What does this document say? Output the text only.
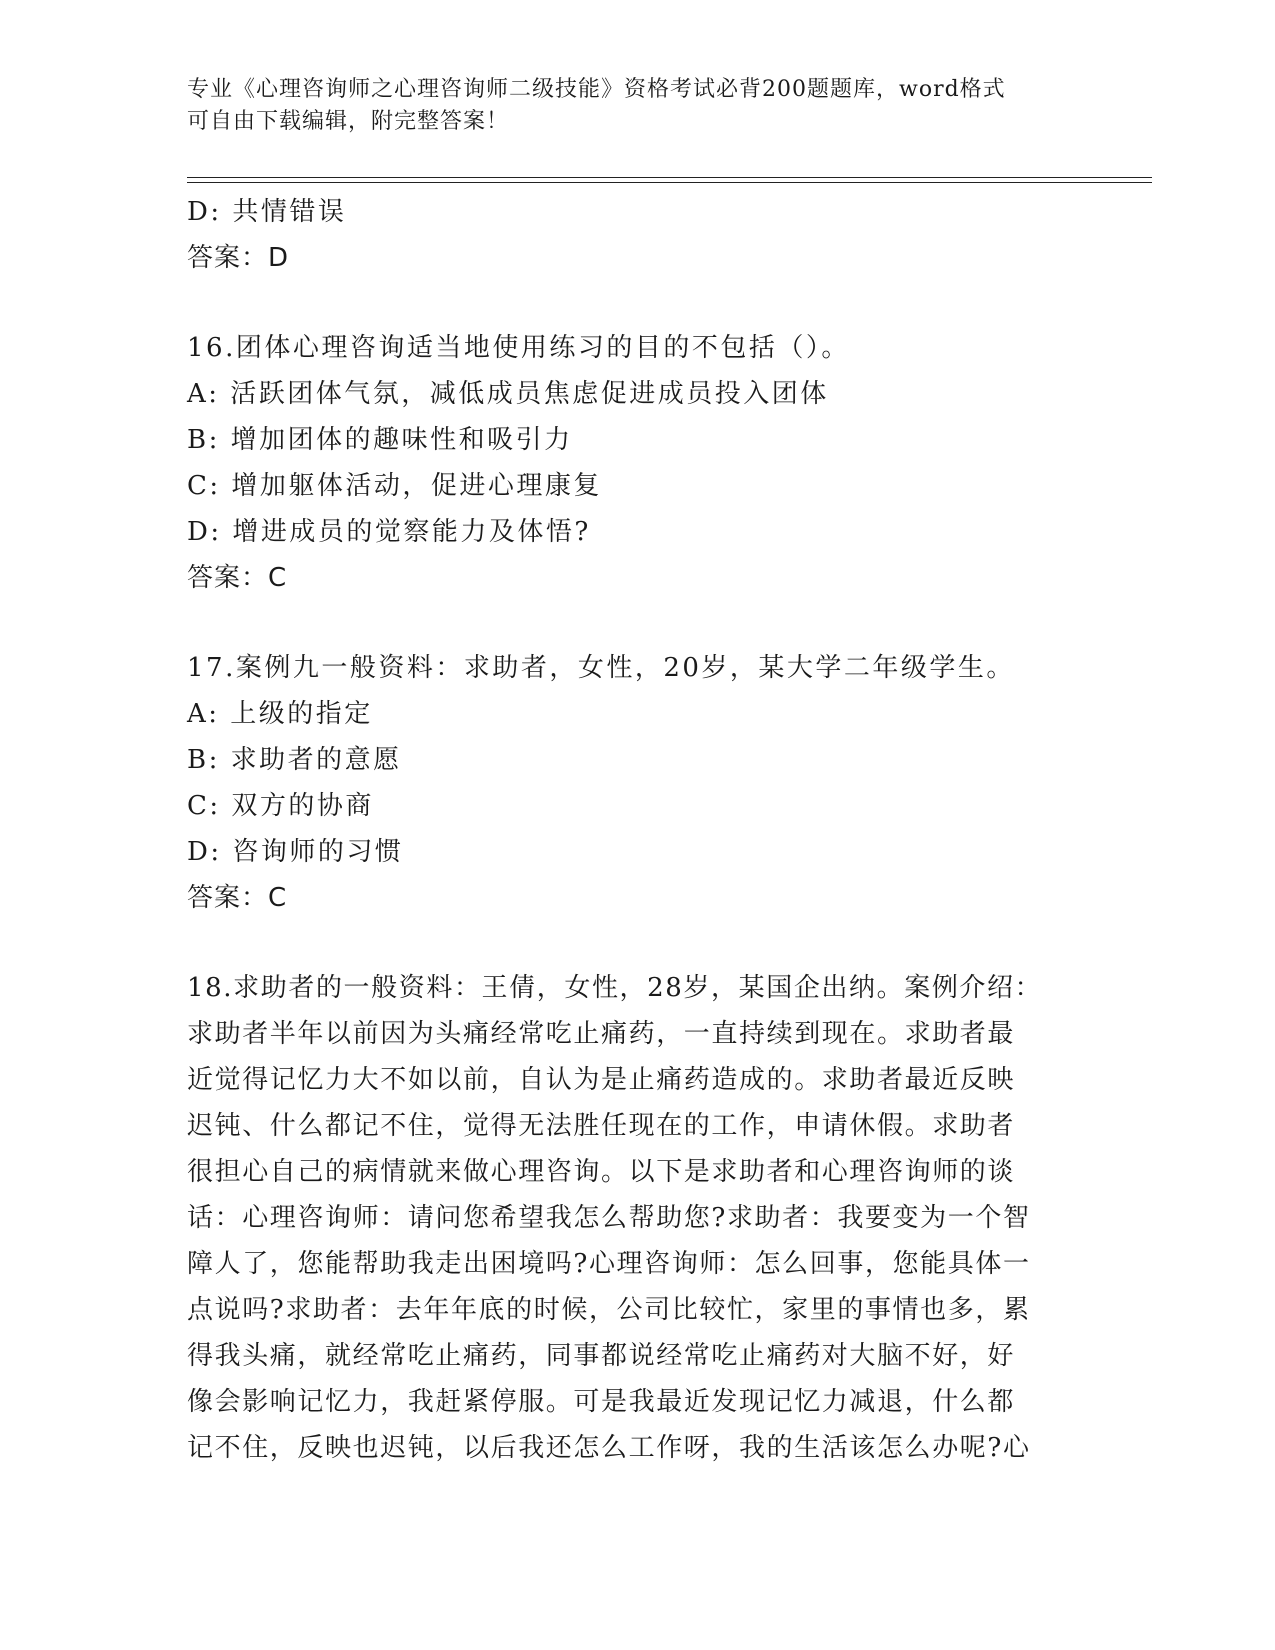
专业《心理咨询师之心理咨询师二级技能》资格考试必背200题题库，word格式
可自由下载编辑，附完整答案！
D: 共情错误
答案：D
16.团体心理咨询适当地使用练习的目的不包括（）。
A: 活跃团体气氛，减低成员焦虑促进成员投入团体
B: 增加团体的趣味性和吸引力
C: 增加躯体活动，促进心理康复
D: 增进成员的觉察能力及体悟?
答案：C
17.案例九一般资料：求助者，女性，20岁，某大学二年级学生。
A: 上级的指定
B: 求助者的意愿
C: 双方的协商
D: 咨询师的习惯
答案：C
18.求助者的一般资料：王倩，女性，28岁，某国企出纳。案例介绍：
求助者半年以前因为头痛经常吃止痛药，一直持续到现在。求助者最
近觉得记忆力大不如以前，自认为是止痛药造成的。求助者最近反映
迟钝、什么都记不住，觉得无法胜任现在的工作，申请休假。求助者
很担心自己的病情就来做心理咨询。以下是求助者和心理咨询师的谈
话：心理咨询师：请问您希望我怎么帮助您?求助者：我要变为一个智
障人了，您能帮助我走出困境吗?心理咨询师：怎么回事，您能具体一
点说吗?求助者：去年年底的时候，公司比较忙，家里的事情也多，累
得我头痛，就经常吃止痛药，同事都说经常吃止痛药对大脑不好，好
像会影响记忆力，我赶紧停服。可是我最近发现记忆力减退，什么都
记不住，反映也迟钝，以后我还怎么工作呀，我的生活该怎么办呢?心
